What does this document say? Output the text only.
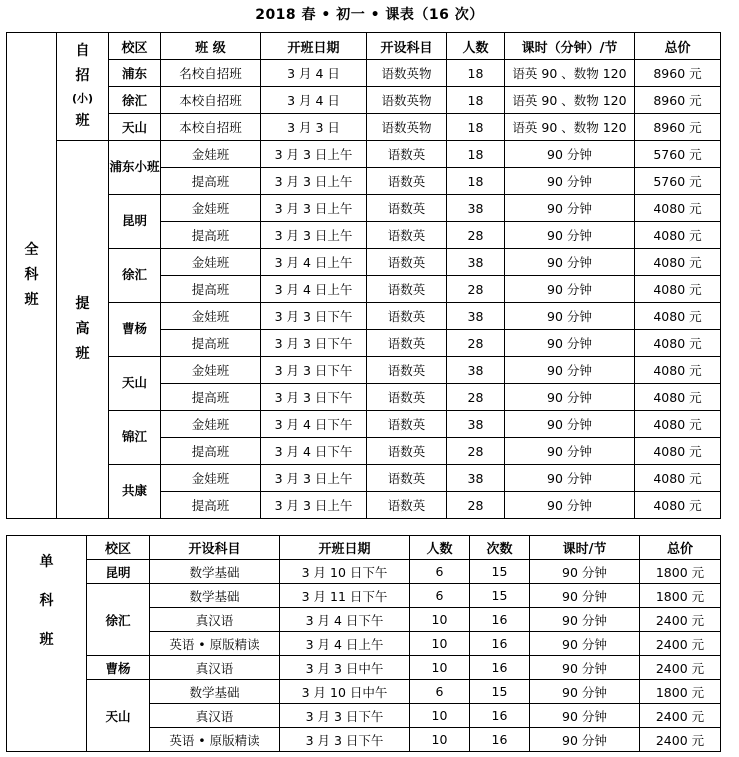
2018 春 • 初一 • 课表（16 次）
全
科
班	自
招
(小)
班	校区	班 级	开班日期	开设科目	人数	课时（分钟）/节	总价
		浦东	名校自招班	3 月 4 日	语数英物	18	语英 90 、数物 120	8960 元
		徐汇	本校自招班	3 月 4 日	语数英物	18	语英 90 、数物 120	8960 元
		天山	本校自招班	3 月 3 日	语数英物	18	语英 90 、数物 120	8960 元

	提
高
班	浦东小班	金娃班	3 月 3 日上午	语数英	18	90 分钟	5760 元
			提高班	3 月 3 日上午	语数英	18	90 分钟	5760 元

		昆明	金娃班	3 月 3 日上午	语数英	38	90 分钟	4080 元
			提高班	3 月 3 日上午	语数英	28	90 分钟	4080 元

		徐汇	金娃班	3 月 4 日上午	语数英	38	90 分钟	4080 元
			提高班	3 月 4 日上午	语数英	28	90 分钟	4080 元

		曹杨	金娃班	3 月 3 日下午	语数英	38	90 分钟	4080 元
			提高班	3 月 3 日下午	语数英	28	90 分钟	4080 元

		天山	金娃班	3 月 3 日下午	语数英	38	90 分钟	4080 元
			提高班	3 月 3 日下午	语数英	28	90 分钟	4080 元

		锦江	金娃班	3 月 4 日下午	语数英	38	90 分钟	4080 元
			提高班	3 月 4 日下午	语数英	28	90 分钟	4080 元

		共康	金娃班	3 月 3 日上午	语数英	38	90 分钟	4080 元
			提高班	3 月 3 日上午	语数英	28	90 分钟	4080 元
单
科
班	校区	开设科目	开班日期	人数	次数	课时/节	总价
	昆明	数学基础	3 月 10 日下午	6	15	90 分钟	1800 元
	徐汇	数学基础	3 月 11 日下午	6	15	90 分钟	1800 元
		真汉语	3 月 4 日下午	10	16	90 分钟	2400 元
		英语 • 原版精读	3 月 4 日上午	10	16	90 分钟	2400 元
	曹杨	真汉语	3 月 3 日中午	10	16	90 分钟	2400 元
	天山	数学基础	3 月 10 日中午	6	15	90 分钟	1800 元
		真汉语	3 月 3 日下午	10	16	90 分钟	2400 元
		英语 • 原版精读	3 月 3 日下午	10	16	90 分钟	2400 元
